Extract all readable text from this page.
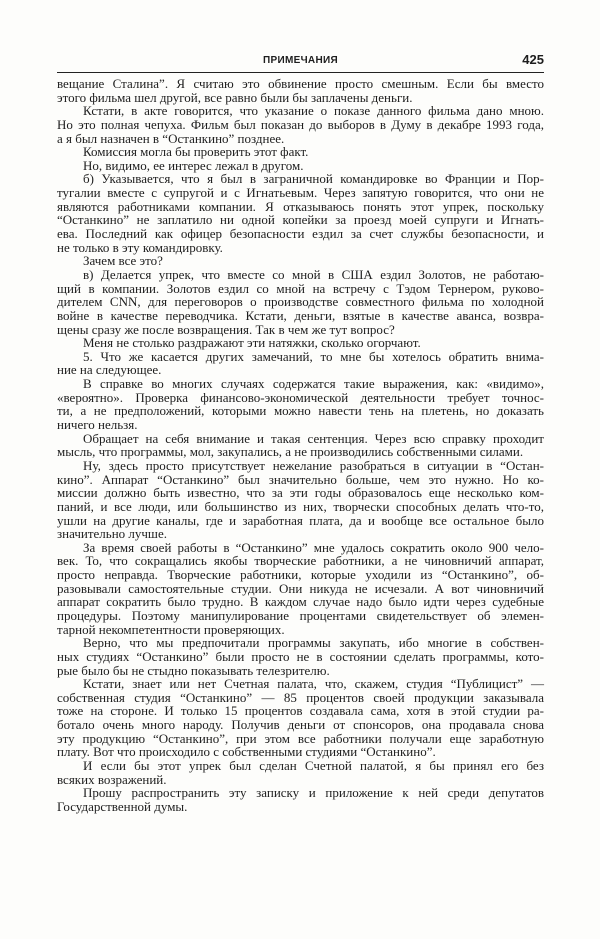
ПРИМЕЧАНИЯ	425
вещание Сталина”. Я считаю это обвинение просто смешным. Если бы вместо
этого фильма шел другой, все равно были бы заплачены деньги.
Кстати, в акте говорится, что указание о показе данного фильма дано мною.
Но это полная чепуха. Фильм был показан до выборов в Думу в декабре 1993 года,
а я был назначен в “Останкино” позднее.
Комиссия могла бы проверить этот факт.
Но, видимо, ее интерес лежал в другом.
б) Указывается, что я был в заграничной командировке во Франции и Пор-
тугалии вместе с супругой и с Игнатьевым. Через запятую говорится, что они не
являются работниками компании. Я отказываюсь понять этот упрек, поскольку
“Останкино” не заплатило ни одной копейки за проезд моей супруги и Игнать-
ева. Последний как офицер безопасности ездил за счет службы безопасности, и
не только в эту командировку.
Зачем все это?
в) Делается упрек, что вместе со мной в США ездил Золотов, не работаю-
щий в компании. Золотов ездил со мной на встречу с Тэдом Тернером, руково-
дителем CNN, для переговоров о производстве совместного фильма по холодной
войне в качестве переводчика. Кстати, деньги, взятые в качестве аванса, возвра-
щены сразу же после возвращения. Так в чем же тут вопрос?
Меня не столько раздражают эти натяжки, сколько огорчают.
5. Что же касается других замечаний, то мне бы хотелось обратить внима-
ние на следующее.
В справке во многих случаях содержатся такие выражения, как: «видимо»,
«вероятно». Проверка финансово-экономической деятельности требует точнос-
ти, а не предположений, которыми можно навести тень на плетень, но доказать
ничего нельзя.
Обращает на себя внимание и такая сентенция. Через всю справку проходит
мысль, что программы, мол, закупались, а не производились собственными силами.
Ну, здесь просто присутствует нежелание разобраться в ситуации в “Остан-
кино”. Аппарат “Останкино” был значительно больше, чем это нужно. Но ко-
миссии должно быть известно, что за эти годы образовалось еще несколько ком-
паний, и все люди, или большинство из них, творчески способных делать что-то,
ушли на другие каналы, где и заработная плата, да и вообще все остальное было
значительно лучше.
За время своей работы в “Останкино” мне удалось сократить около 900 чело-
век. То, что сокращались якобы творческие работники, а не чиновничий аппарат,
просто неправда. Творческие работники, которые уходили из “Останкино”, об-
разовывали самостоятельные студии. Они никуда не исчезали. А вот чиновничий
аппарат сократить было трудно. В каждом случае надо было идти через судебные
процедуры. Поэтому манипулирование процентами свидетельствует об элемен-
тарной некомпетентности проверяющих.
Верно, что мы предпочитали программы закупать, ибо многие в собствен-
ных студиях “Останкино” были просто не в состоянии сделать программы, кото-
рые было бы не стыдно показывать телезрителю.
Кстати, знает или нет Счетная палата, что, скажем, студия “Публицист” —
собственная студия “Останкино” — 85 процентов своей продукции заказывала
тоже на стороне. И только 15 процентов создавала сама, хотя в этой студии ра-
ботало очень много народу. Получив деньги от спонсоров, она продавала снова
эту продукцию “Останкино”, при этом все работники получали еще заработную
плату. Вот что происходило с собственными студиями “Останкино”.
И если бы этот упрек был сделан Счетной палатой, я бы принял его без
всяких возражений.
Прошу распространить эту записку и приложение к ней среди депутатов
Государственной думы.
